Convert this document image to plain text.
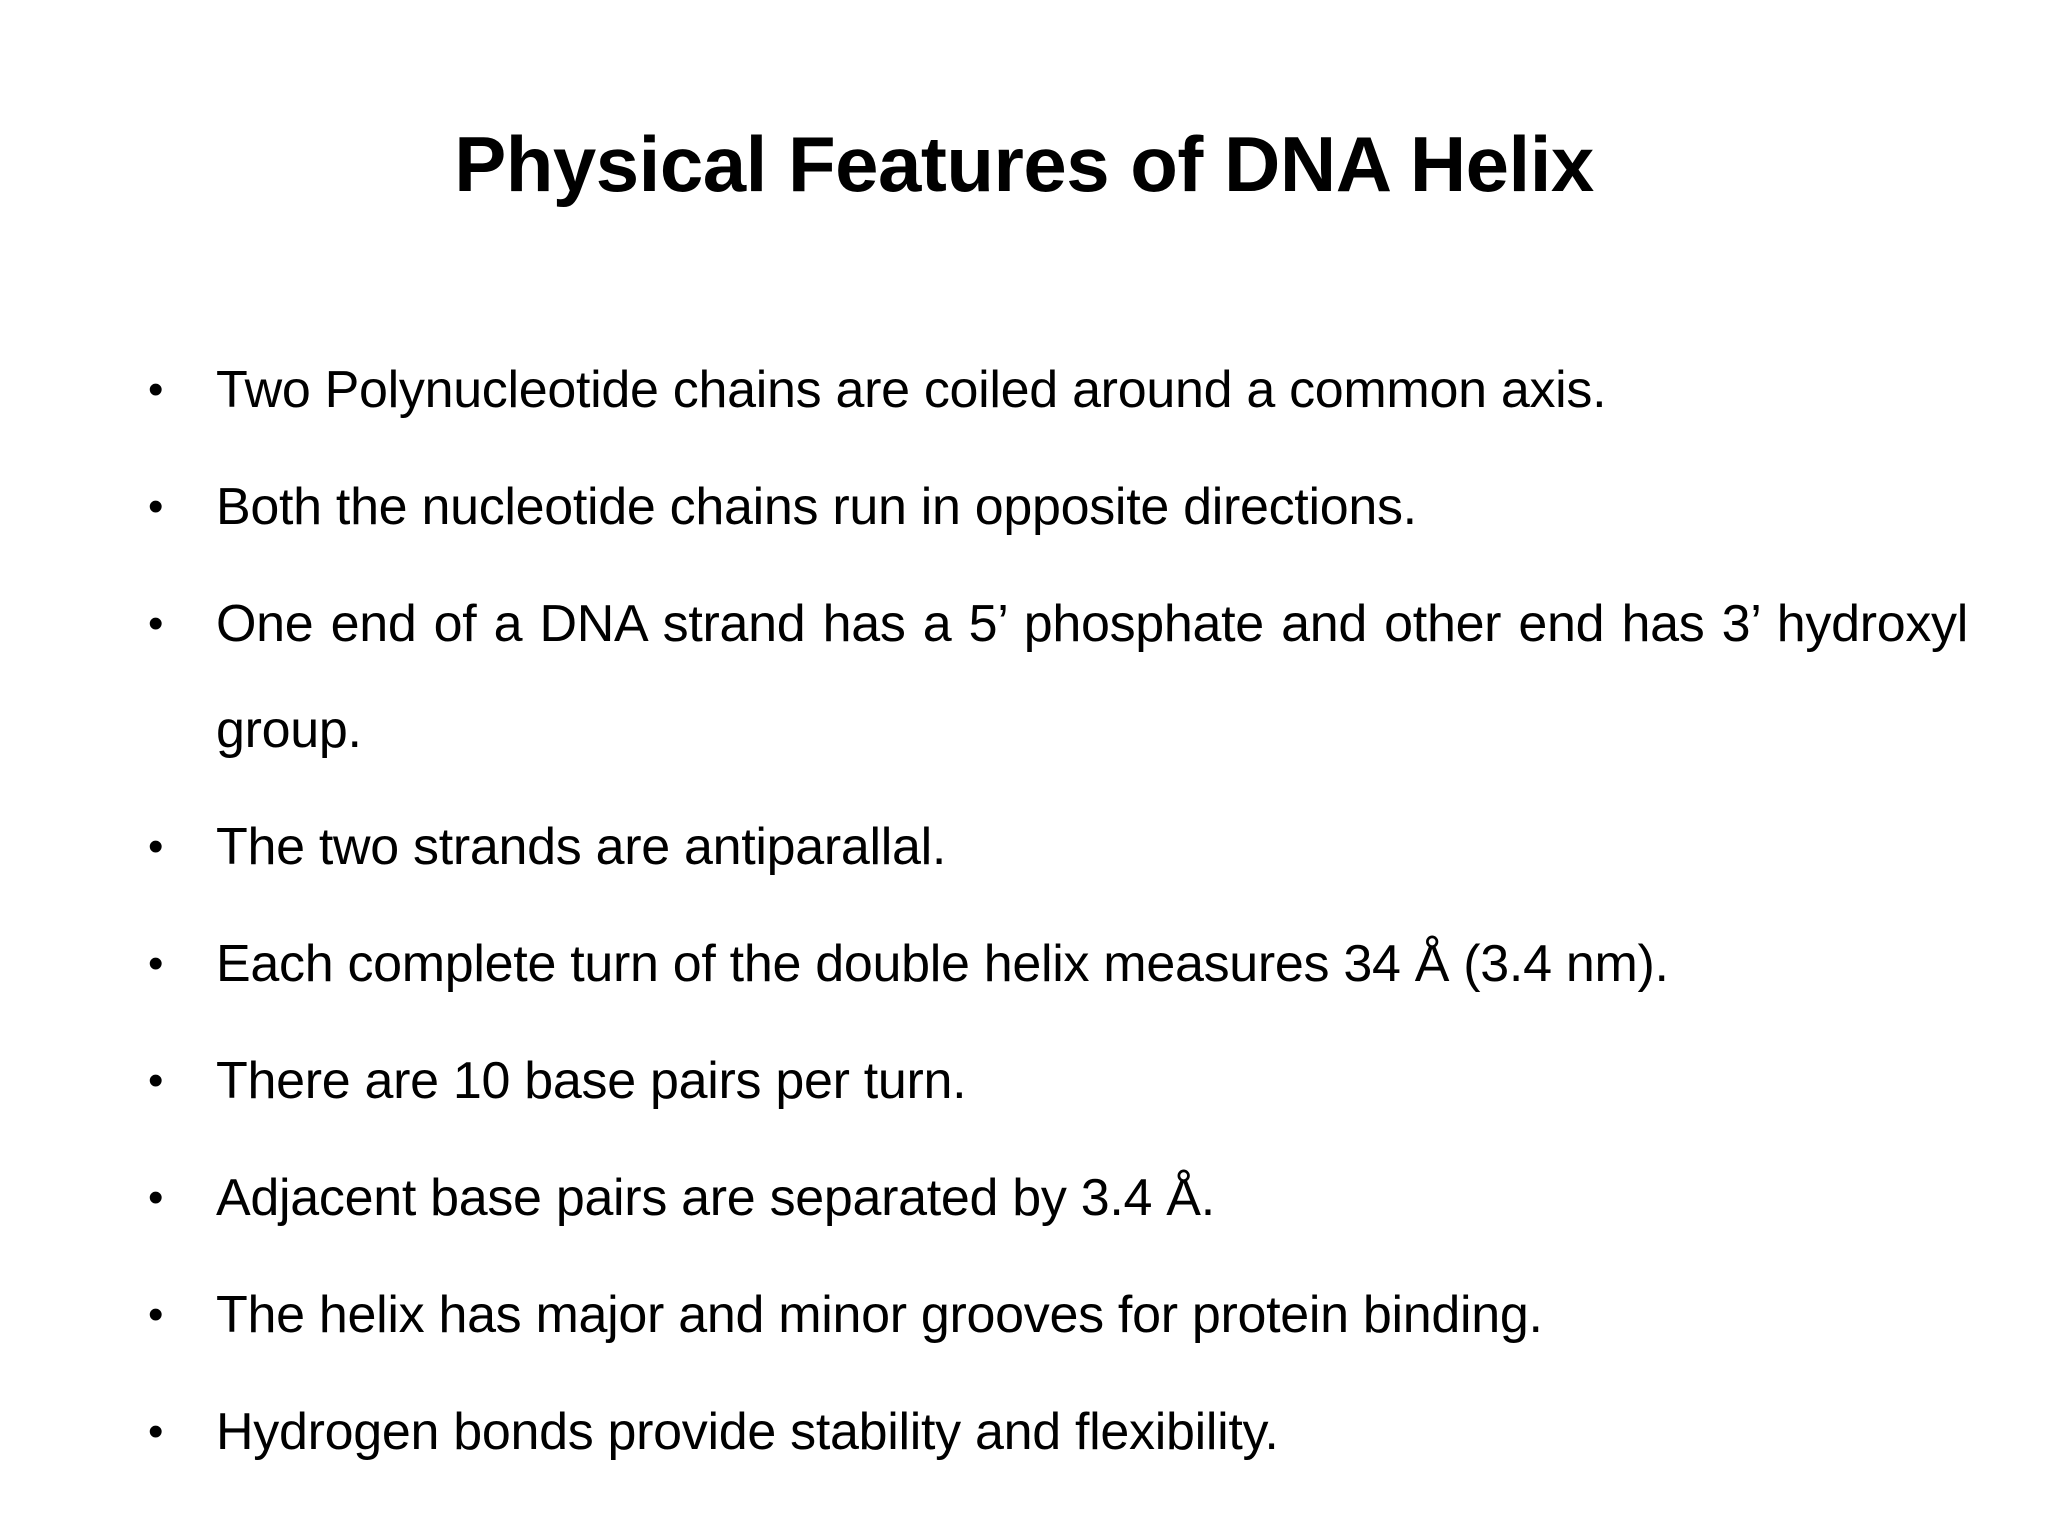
Physical Features of DNA Helix
•	Two Polynucleotide chains are coiled around a common axis.
•	Both the nucleotide chains run in opposite directions.
•	One end of a DNA strand has a 5’ phosphate and other end has 3’ hydroxyl group.
•	The two strands are antiparallal.
•	Each complete turn of the double helix measures 34 Å (3.4 nm).
•	There are 10 base pairs per turn.
•	Adjacent base pairs are separated by 3.4 Å.
•	The helix has major and minor grooves for protein binding.
•	Hydrogen bonds provide stability and flexibility.
